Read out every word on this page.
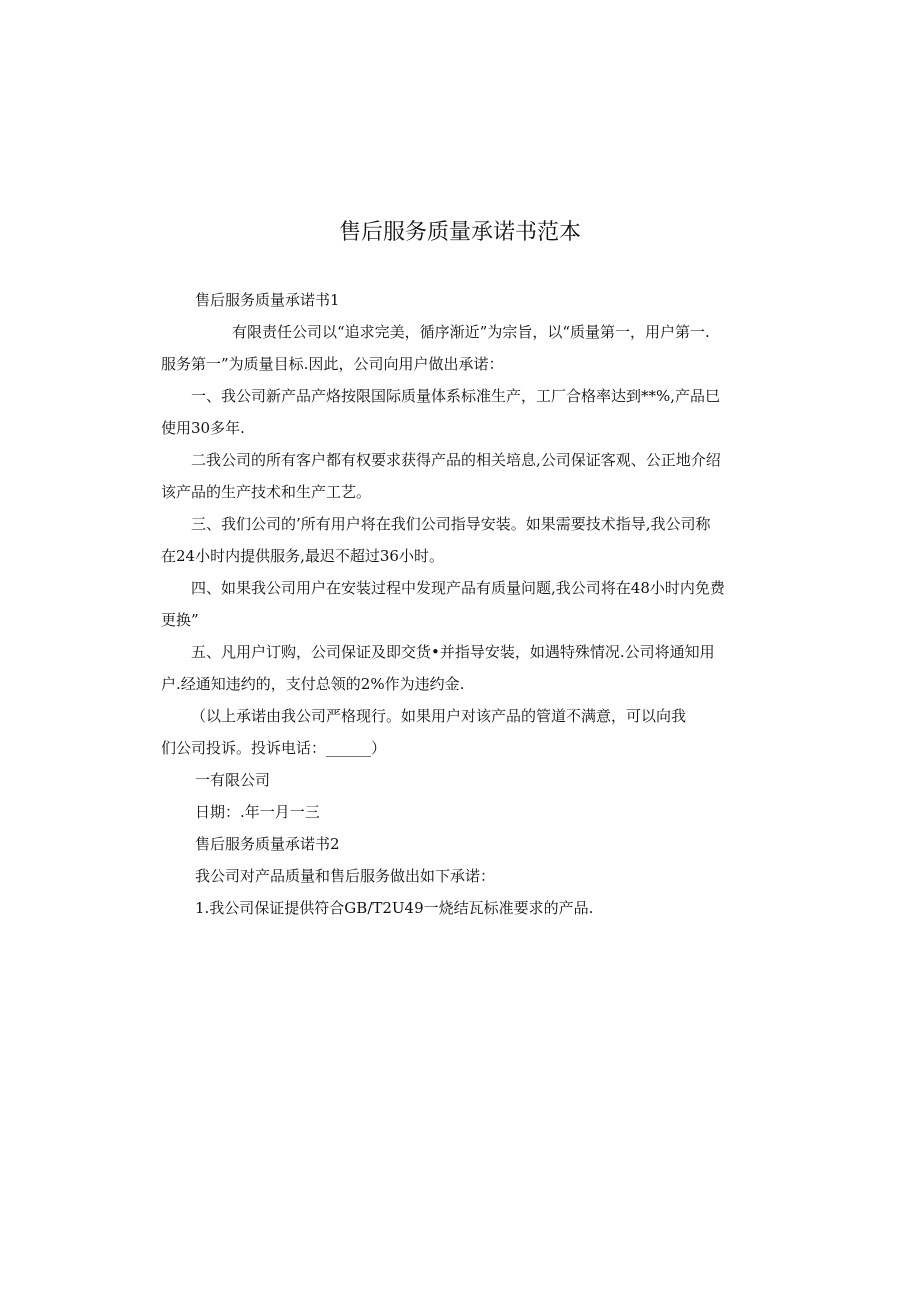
售后服务质量承诺书范本
售后服务质量承诺书1
有限责任公司以“追求完美，循序渐近”为宗旨，以“质量第一，用户第一.
服务第一”为质量目标.因此，公司向用户做出承诺：
一、我公司新产品产烙按限国际质量体系标准生产，工厂合格率达到**%,产品巳
使用30多年.
二我公司的所有客户都有权要求获得产品的相关培息,公司保证客观、公正地介绍
该产品的生产技术和生产工艺。
三、我们公司的’所有用户将在我们公司指导安装。如果需要技术指导,我公司称
在24小时内提供服务,最迟不超过36小时。
四、如果我公司用户在安装过程中发现产品有质量问题,我公司将在48小时内免费
更换”
五、凡用户订购，公司保证及即交货•并指导安装，如遇特殊情况.公司将通知用
户.经通知违约的，支付总领的2%作为违约金.
（以上承诺由我公司严格现行。如果用户对该产品的管道不满意，可以向我
们公司投诉。投诉电话：______）
一有限公司
日期：.年一月一三
售后服务质量承诺书2
我公司对产品质量和售后服务做出如下承诺：
1.我公司保证提供符合GB/T2U49一烧结瓦标准要求的产品.
